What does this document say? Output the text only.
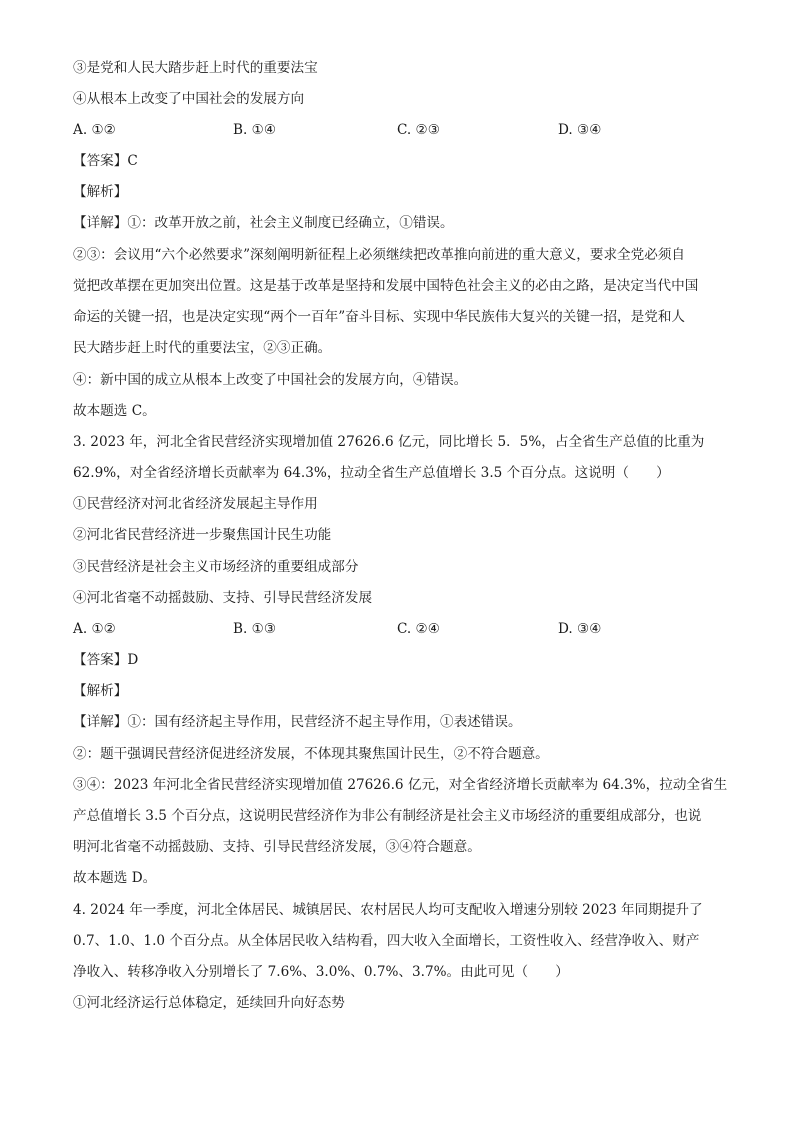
③是党和人民大踏步赶上时代的重要法宝
④从根本上改变了中国社会的发展方向
A. ①②	B. ①④	C. ②③	D. ③④
【答案】C
【解析】
【详解】①：改革开放之前，社会主义制度已经确立，①错误。
②③：会议用“六个必然要求”深刻阐明新征程上必须继续把改革推向前进的重大意义，要求全党必须自
觉把改革摆在更加突出位置。这是基于改革是坚持和发展中国特色社会主义的必由之路，是决定当代中国
命运的关键一招，也是决定实现“两个一百年”奋斗目标、实现中华民族伟大复兴的关键一招，是党和人
民大踏步赶上时代的重要法宝，②③正确。
④：新中国的成立从根本上改变了中国社会的发展方向，④错误。
故本题选 C。
3. 2023 年，河北全省民营经济实现增加值 27626.6 亿元，同比增长 5．5%，占全省生产总值的比重为
62.9%，对全省经济增长贡献率为 64.3%，拉动全省生产总值增长 3.5 个百分点。这说明（　　）
①民营经济对河北省经济发展起主导作用
②河北省民营经济进一步聚焦国计民生功能
③民营经济是社会主义市场经济的重要组成部分
④河北省毫不动摇鼓励、支持、引导民营经济发展
A. ①②	B. ①③	C. ②④	D. ③④
【答案】D
【解析】
【详解】①：国有经济起主导作用，民营经济不起主导作用，①表述错误。
②：题干强调民营经济促进经济发展，不体现其聚焦国计民生，②不符合题意。
③④：2023 年河北全省民营经济实现增加值 27626.6 亿元，对全省经济增长贡献率为 64.3%，拉动全省生
产总值增长 3.5 个百分点，这说明民营经济作为非公有制经济是社会主义市场经济的重要组成部分，也说
明河北省毫不动摇鼓励、支持、引导民营经济发展，③④符合题意。
故本题选 D。
4. 2024 年一季度，河北全体居民、城镇居民、农村居民人均可支配收入增速分别较 2023 年同期提升了
0.7、1.0、1.0 个百分点。从全体居民收入结构看，四大收入全面增长，工资性收入、经营净收入、财产
净收入、转移净收入分别增长了 7.6%、3.0%、0.7%、3.7%。由此可见（　　）
①河北经济运行总体稳定，延续回升向好态势
